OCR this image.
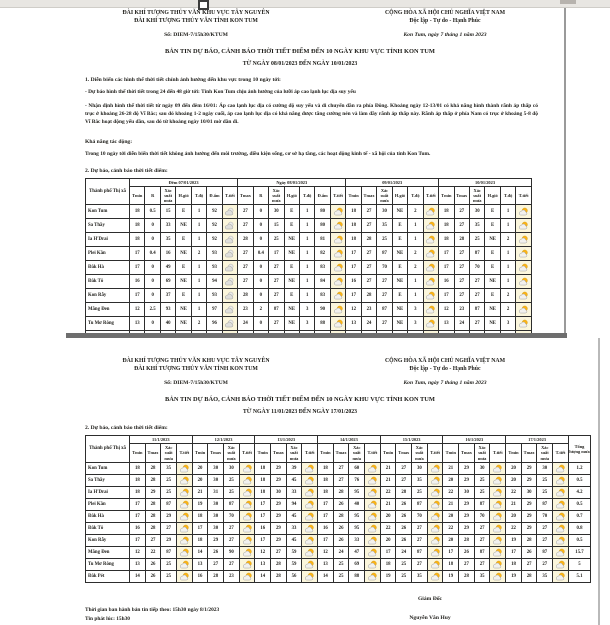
ĐÀI KHÍ TƯỢNG THỦY VĂN KHU VỰC TÂY NGUYÊN
ĐÀI KHÍ TƯỢNG THỦY VĂN TỈNH KON TUM
Số: DIEM-7/15h30/KTUM
CỘNG HÒA XÃ HỘI CHỦ NGHĨA VIỆT NAM
Độc lập - Tự do - Hạnh Phúc
Kon Tum, ngày 7 tháng 1 năm 2023
BẢN TIN DỰ BÁO, CẢNH BÁO THỜI TIẾT ĐIỂM ĐẾN 10 NGÀY KHU VỰC TỈNH KON TUM
TỪ NGÀY 08/01/2023 ĐẾN NGÀY 10/01/2023
1. Diễn biến các hình thế thời tiết chính ảnh hưởng đến khu vực trong 10 ngày tới:
- Dự báo hình thế thời tiết trong 24 đến 48 giờ tới: Tỉnh Kon Tum chịu ảnh hưởng của lưỡi áp cao lạnh lục địa suy yếu
- Nhận định hình thế thời tiết từ ngày 09 đến đêm 16/01: Áp cao lạnh lục địa có cường độ suy yếu và di chuyển dần ra phía Đông. Khoảng ngày 12-13/01 có khả năng hình thành rãnh áp thấp có trục ở khoảng 26-28 độ Vĩ Bắc; sau đó khoảng 1-2 ngày cuối, áp cao lạnh lục địa có khả năng được tăng cường nén và làm đầy rãnh áp thấp này. Rãnh áp thấp ở phía Nam có trục ở khoảng 5-8 độ Vĩ Bắc hoạt động yếu dần, sau đó từ khoảng ngày 10/01 mờ dần đi.
Khả năng tác động:
Trong 10 ngày tới diễn biến thời tiết không ảnh hưởng đến môi trường, điều kiện sống, cơ sở hạ tầng, các hoạt động kinh tế - xã hội của tỉnh Kon Tum.
2. Dự báo, cảnh báo thời tiết điểm:
Thành phố Thị xã	Đêm 07/01/2023							Ngày 08/01/2023							09/01/2023						10/01/2023					
	Tmin	R	Xác suất mưa	H.gió	T.độ	Đ.ẩm	T.tiết	Tmax	R	Xác suất mưa	H.gió	T.độ	Đ.ẩm	T.tiết	Tmin	Tmax	Xác suất mưa	H.gió	T.độ	T.tiết	Tmin	Tmax	Xác suất mưa	H.gió	T.độ	T.tiết
Kon Tum	18	0.5	15	E	1	92		27	0	30	E	1	80		18	27	30	NE	2		18	27	30	E	1	

Sa Thầy	18	0	33	NE	1	92		27	0	15	E	1	80		18	27	35	E	1		18	27	35	E	1	

Ia H'Drai	18	0	35	E	1	92		28	0	25	NE	1	81		18	28	25	E	1		18	28	25	NE	2	

Plei Kần	17	0.4	16	NE	2	93		27	0.4	17	NE	1	82		17	27	87	NE	2		17	27	87	E	1	

Đắk Hà	17	0	49	E	1	93		27	0	27	E	1	83		17	27	70	E	2		17	27	70	E	1	

Đắk Tô	16	0	69	NE	1	94		27	0	27	NE	1	84		16	27	27	NE	1		16	27	27	NE	1	

Kon Rẫy	17	0	37	E	1	93		28	0	27	E	1	83		17	28	27	E	1		17	27	27	E	2	

Măng Đen	12	2.5	93	NE	1	97		23	2	87	NE	3	90		12	23	87	NE	3		12	23	87	NE	2	

Tu Mơ Rông	13	0	40	NE	2	96		24	0	27	NE	3	88		13	24	27	NE	3		13	24	27	NE	3	

ĐÀI KHÍ TƯỢNG THỦY VĂN KHU VỰC TÂY NGUYÊN
ĐÀI KHÍ TƯỢNG THỦY VĂN TỈNH KON TUM
Số: DIEM-7/15h30/KTUM
CỘNG HÒA XÃ HỘI CHỦ NGHĨA VIỆT NAM
Độc lập - Tự do - Hạnh Phúc
Kon Tum, ngày 7 tháng 1 năm 2023
BẢN TIN DỰ BÁO, CẢNH BÁO THỜI TIẾT ĐIỂM ĐẾN 10 NGÀY KHU VỰC TỈNH KON TUM
TỪ NGÀY 11/01/2023 ĐẾN NGÀY 17/01/2023
2. Dự báo, cảnh báo thời tiết điểm:
Thành phố Thị xã	11/1/2023				12/1/2023				13/1/2023				14/1/2023				15/1/2023				16/1/2023				17/1/2023				Tổng lượng mưa
	Tmin	Tmax	Xác suất mưa	T.tiết	Tmin	Tmax	Xác suất mưa	T.tiết	Tmin	Tmax	Xác suất mưa	T.tiết	Tmin	Tmax	Xác suất mưa	T.tiết	Tmin	Tmax	Xác suất mưa	T.tiết	Tmin	Tmax	Xác suất mưa	T.tiết	Tmin	Tmax	Xác suất mưa	T.tiết	
Kon Tum	18	28	35		20	30	30		18	29	39		18	27	60		21	27	30		21	29	30		20	29	30		1.2
Sa Thầy	18	28	25		20	30	25		18	29	45		18	27	76		21	27	35		20	29	25		20	29	25		0.5
Ia H'Drai	18	29	25		21	31	25		18	30	33		18	28	95		22	28	25		22	30	25		22	30	25		4.2
Plei Kần	17	28	87		19	30	87		17	29	94		17	26	40		21	26	87		21	29	87		21	29	87		0.5
Đắk Hà	17	28	29		18	30	70		17	29	45		17	28	95		20	26	70		20	29	70		20	29	70		0.7
Đắk Tô	16	28	27		17	30	27		16	29	33		16	26	95		22	26	27		22	29	27		22	29	27		0.8
Kon Rẫy	17	27	29		18	29	27		17	29	45		17	26	33		20	26	27		20	28	27		19	28	27		0.5
Măng Đen	12	22	87		14	26	90		12	27	59		12	24	47		17	24	87		17	26	87		17	26	87		15.7
Tu Mơ Rông	13	26	25		13	27	27		13	28	59		13	25	69		18	25	27		18	27	27		18	27	27		5
Đắk Pét	14	26	25		16	28	23		14	28	56		14	25	88		19	25	35		19	28	35		19	28	35		5.1
Thời gian ban hành bản tin tiếp theo: 15h30 ngày 8/1/2023
Tin phát lúc: 15h30
Giám Đốc
Nguyễn Văn Huy
